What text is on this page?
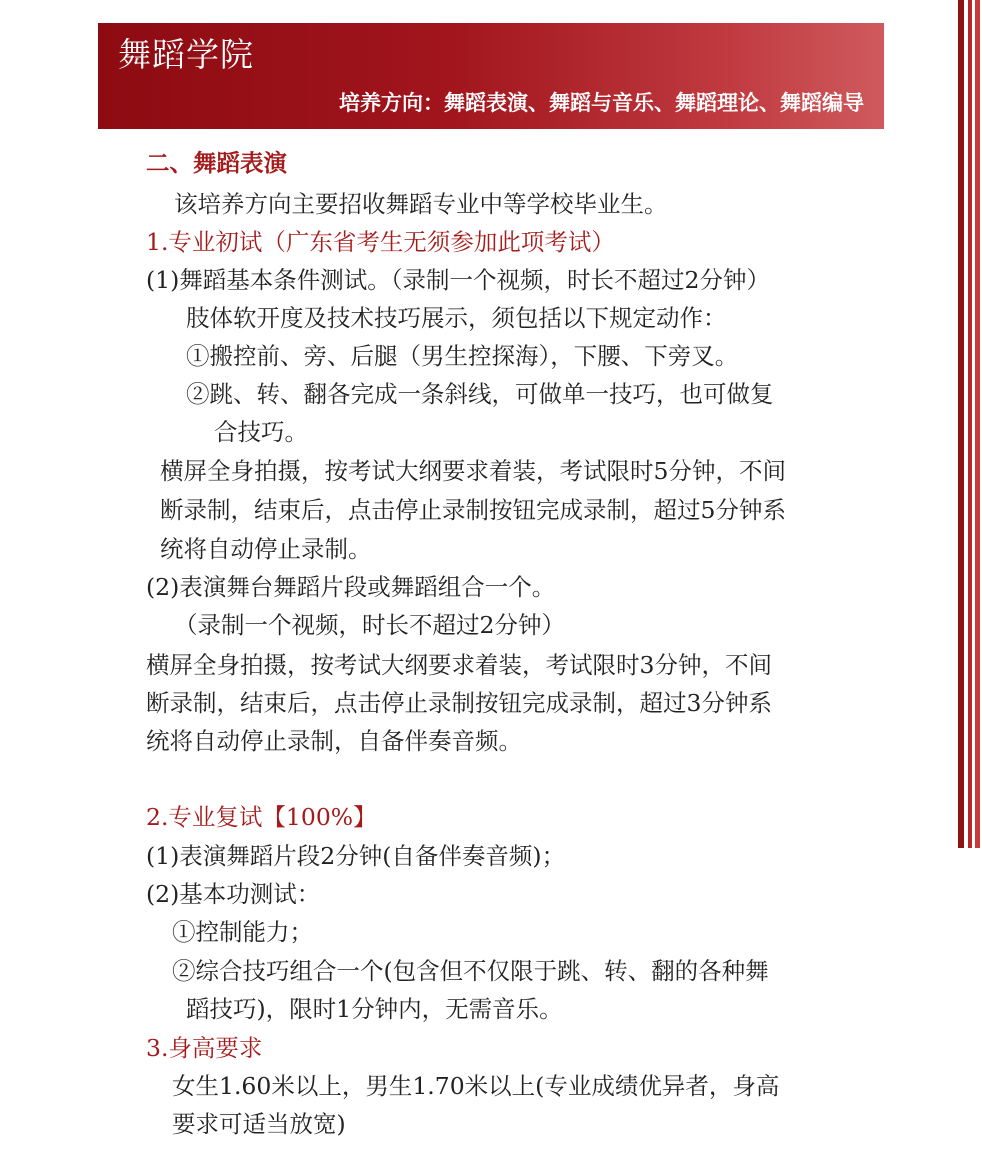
舞蹈学院
培养方向：舞蹈表演、舞蹈与音乐、舞蹈理论、舞蹈编导
二、舞蹈表演
该培养方向主要招收舞蹈专业中等学校毕业生。
1.专业初试（广东省考生无须参加此项考试）
(1)舞蹈基本条件测试。（录制一个视频，时长不超过2分钟）
肢体软开度及技术技巧展示，须包括以下规定动作：
①搬控前、旁、后腿（男生控探海），下腰、下旁叉。
②跳、转、翻各完成一条斜线，可做单一技巧，也可做复
合技巧。
横屏全身拍摄，按考试大纲要求着装，考试限时5分钟，不间
断录制，结束后，点击停止录制按钮完成录制，超过5分钟系
统将自动停止录制。
(2)表演舞台舞蹈片段或舞蹈组合一个。
（录制一个视频，时长不超过2分钟）
横屏全身拍摄，按考试大纲要求着装，考试限时3分钟，不间
断录制，结束后，点击停止录制按钮完成录制，超过3分钟系
统将自动停止录制，自备伴奏音频。
2.专业复试【100%】
(1)表演舞蹈片段2分钟(自备伴奏音频)；
(2)基本功测试：
①控制能力；
②综合技巧组合一个(包含但不仅限于跳、转、翻的各种舞
蹈技巧)，限时1分钟内，无需音乐。
3.身高要求
女生1.60米以上，男生1.70米以上(专业成绩优异者，身高
要求可适当放宽)
